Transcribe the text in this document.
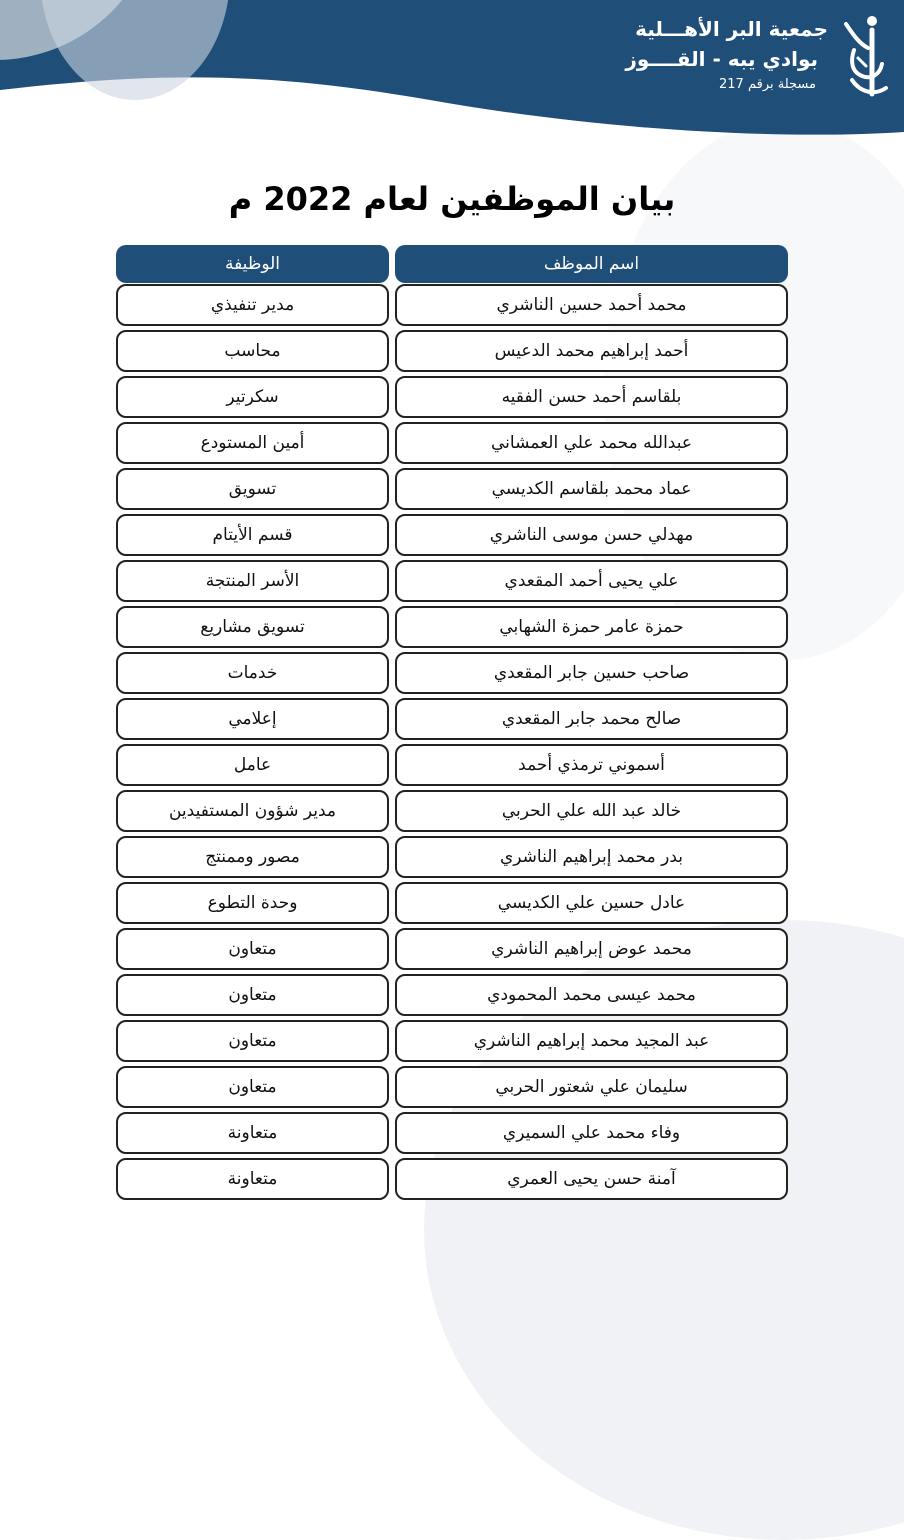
جمعية البر الأهـــلية
بوادي يبه - القــــوز
مسجلة برقم 217
بيان الموظفين لعام 2022 م
اسم الموظف
الوظيفة
محمد أحمد حسين الناشري
مدير تنفيذي
أحمد إبراهيم محمد الدعيس
محاسب
بلقاسم أحمد حسن الفقيه
سكرتير
عبدالله محمد علي العمشاني
أمين المستودع
عماد محمد بلقاسم الكديسي
تسويق
مهدلي حسن موسى الناشري
قسم الأيتام
علي يحيى أحمد المقعدي
الأسر المنتجة
حمزة عامر حمزة الشهابي
تسويق مشاريع
صاحب حسين جابر المقعدي
خدمات
صالح محمد جابر المقعدي
إعلامي
أسموني ترمذي أحمد
عامل
خالد عبد الله علي الحربي
مدير شؤون المستفيدين
بدر محمد إبراهيم الناشري
مصور وممنتج
عادل حسين علي الكديسي
وحدة التطوع
محمد عوض إبراهيم الناشري
متعاون
محمد عيسى محمد المحمودي
متعاون
عبد المجيد محمد إبراهيم الناشري
متعاون
سليمان علي شعتور الحربي
متعاون
وفاء محمد علي السميري
متعاونة
آمنة حسن يحيى العمري
متعاونة
